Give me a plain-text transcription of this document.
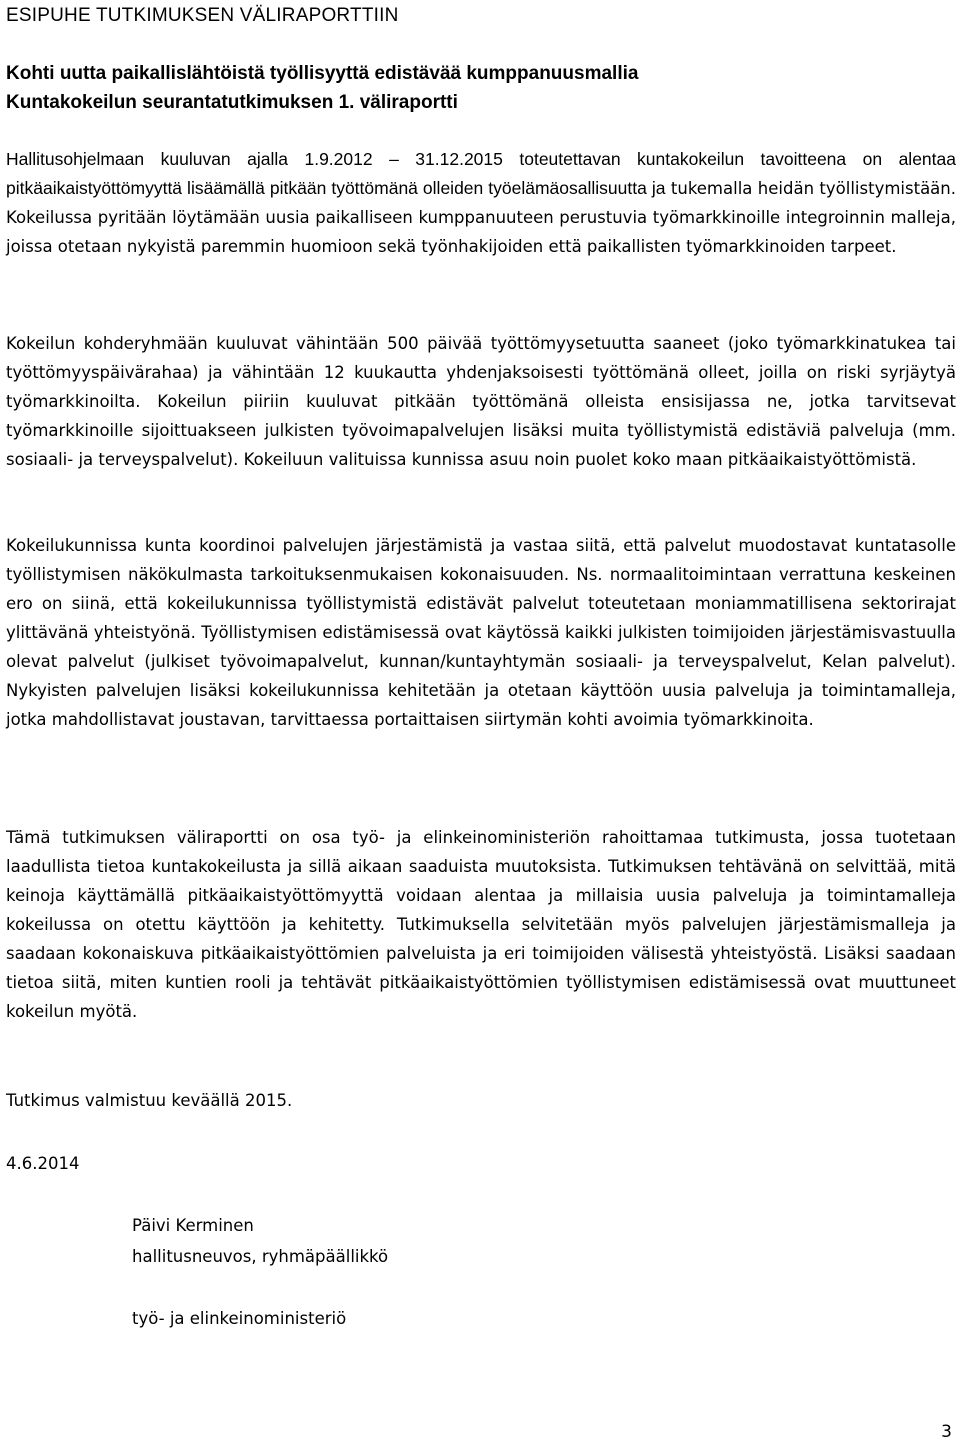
ESIPUHE TUTKIMUKSEN VÄLIRAPORTTIIN
Kohti uutta paikallislähtöistä työllisyyttä edistävää kumppanuusmallia
Kuntakokeilun seurantatutkimuksen 1. väliraportti

Hallitusohjelmaan kuuluvan ajalla 1.9.2012 – 31.12.2015 toteutettavan kuntakokeilun tavoitteena on alentaa pitkäaikaistyöttömyyttä lisäämällä pitkään työttömänä olleiden työelämäosallisuutta ja tukemalla heidän työllistymistään. Kokeilussa pyritään löytämään uusia paikalliseen kumppanuuteen perustuvia työmarkkinoille integroinnin malleja, joissa otetaan nykyistä paremmin huomioon sekä työnhakijoiden että paikallisten työmarkkinoiden tarpeet.

Kokeilun kohderyhmään kuuluvat vähintään 500 päivää työttömyysetuutta saaneet (joko työmarkkinatukea tai työttömyyspäivärahaa) ja vähintään 12 kuukautta yhdenjaksoisesti työttömänä olleet, joilla on riski syrjäytyä työmarkkinoilta. Kokeilun piiriin kuuluvat pitkään työttömänä olleista ensisijassa ne, jotka tarvitsevat työmarkkinoille sijoittuakseen julkisten työvoimapalvelujen lisäksi muita työllistymistä edistäviä palveluja (mm. sosiaali- ja terveyspalvelut). Kokeiluun valituissa kunnissa asuu noin puolet koko maan pitkäaikaistyöttömistä.

Kokeilukunnissa kunta koordinoi palvelujen järjestämistä ja vastaa siitä, että palvelut muodostavat kuntatasolle työllistymisen näkökulmasta tarkoituksenmukaisen kokonaisuuden. Ns. normaalitoimintaan verrattuna keskeinen ero on siinä, että kokeilukunnissa työllistymistä edistävät palvelut toteutetaan moniammatillisena sektorirajat ylittävänä yhteistyönä. Työllistymisen edistämisessä ovat käytössä kaikki julkisten toimijoiden järjestämisvastuulla olevat palvelut (julkiset työvoimapalvelut, kunnan/kuntayhtymän sosiaali- ja terveyspalvelut, Kelan palvelut). Nykyisten palvelujen lisäksi kokeilukunnissa kehitetään ja otetaan käyttöön uusia palveluja ja toimintamalleja, jotka mahdollistavat joustavan, tarvittaessa portaittaisen siirtymän kohti avoimia työmarkkinoita.

Tämä tutkimuksen väliraportti on osa työ- ja elinkeinoministeriön rahoittamaa tutkimusta, jossa tuotetaan laadullista tietoa kuntakokeilusta ja sillä aikaan saaduista muutoksista. Tutkimuksen tehtävänä on selvittää, mitä keinoja käyttämällä pitkäaikaistyöttömyyttä voidaan alentaa ja millaisia uusia palveluja ja toimintamalleja kokeilussa on otettu käyttöön ja kehitetty. Tutkimuksella selvitetään myös palvelujen järjestämismalleja ja saadaan kokonaiskuva pitkäaikaistyöttömien palveluista ja eri toimijoiden välisestä yhteistyöstä. Lisäksi saadaan tietoa siitä, miten kuntien rooli ja tehtävät pitkäaikaistyöttömien työllistymisen edistämisessä ovat muuttuneet kokeilun myötä.

Tutkimus valmistuu keväällä 2015.
4.6.2014
Päivi Kerminen
hallitusneuvos, ryhmäpäällikkö
työ- ja elinkeinoministeriö
3
